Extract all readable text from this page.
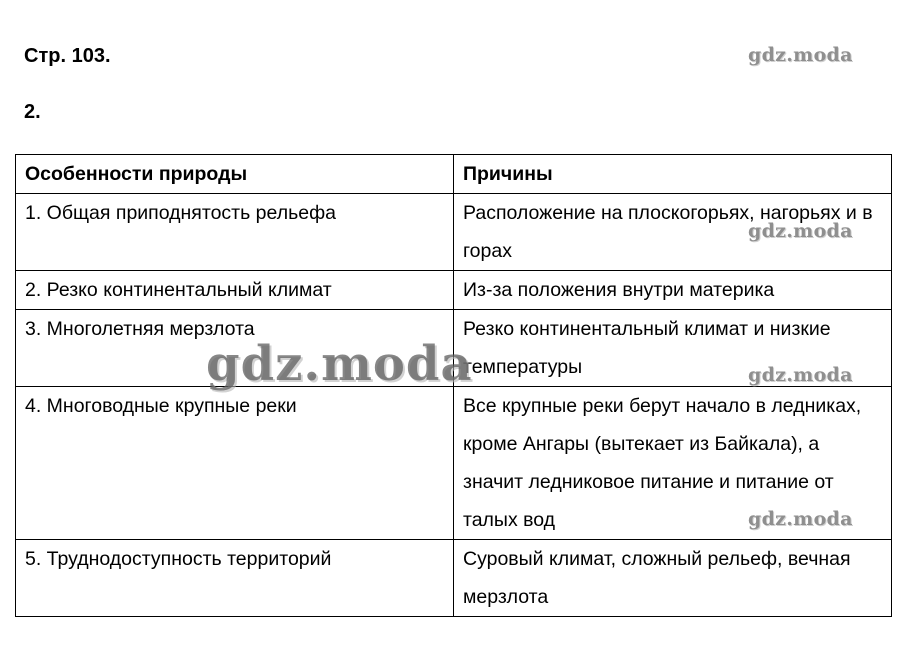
Стр. 103.
2.
Особенности природы	Причины
1. Общая приподнятость рельефа	Расположение на плоскогорьях, нагорьях и в горах
2. Резко континентальный климат	Из-за положения внутри материка
3. Многолетняя мерзлота	Резко континентальный климат и низкие температуры
4. Многоводные крупные реки	Все крупные реки берут начало в ледниках, кроме Ангары (вытекает из Байкала), а значит ледниковое питание и питание от талых вод
5. Труднодоступность территорий	Суровый климат, сложный рельеф, вечная мерзлота
gdz.moda
gdz.moda
gdz.moda
gdz.moda
gdz.moda
